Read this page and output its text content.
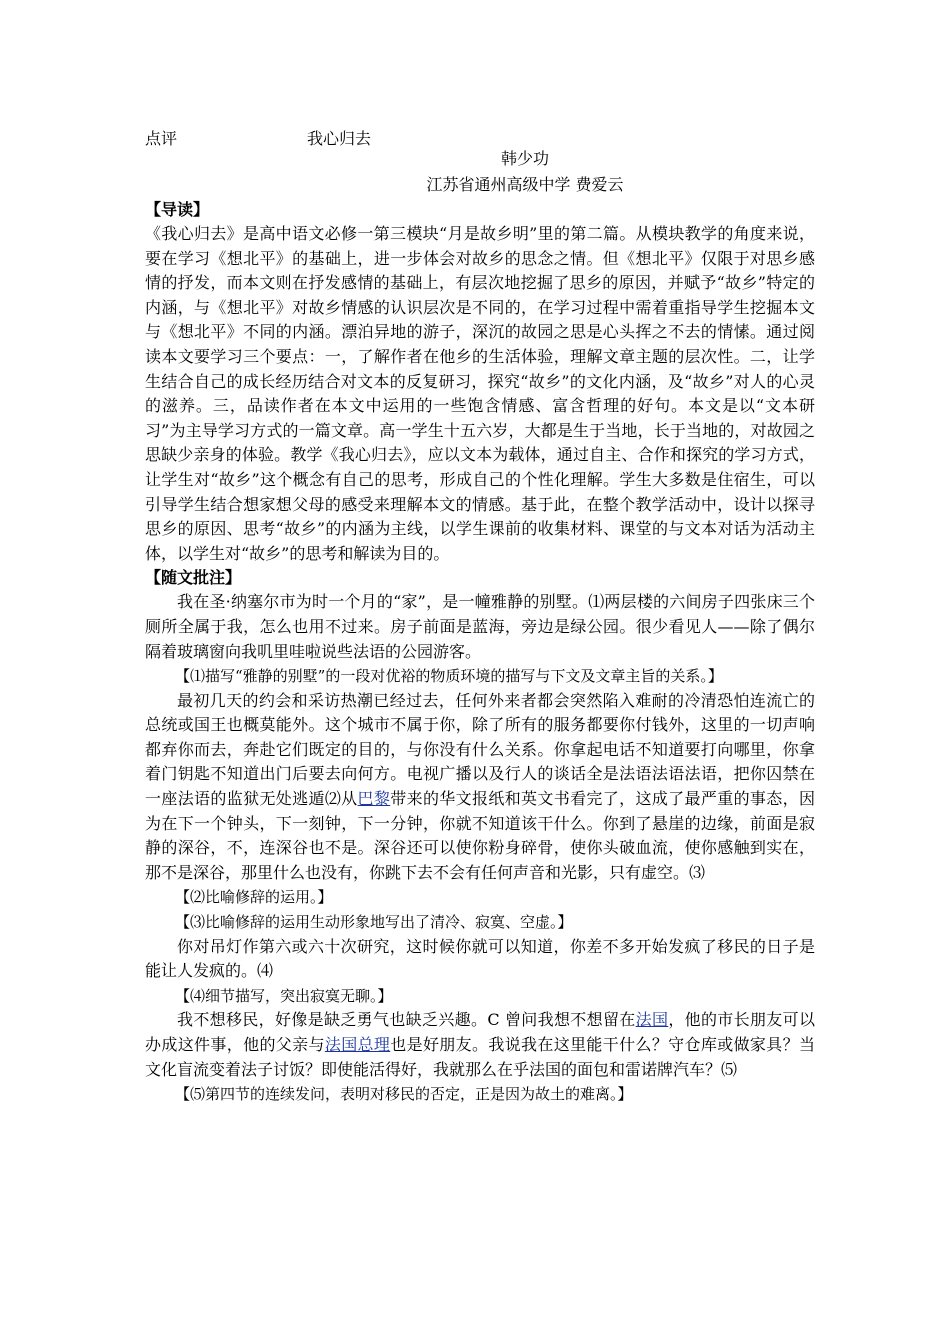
点评	我心归去
韩少功
江苏省通州高级中学 费爱云
【导读】

《我心归去》是高中语文必修一第三模块“月是故乡明”里的第二篇。从模块教学的角度来说，要在学习《想北平》的基础上，进一步体会对故乡的思念之情。但《想北平》仅限于对思乡感情的抒发，而本文则在抒发感情的基础上，有层次地挖掘了思乡的原因，并赋予“故乡”特定的内涵，与《想北平》对故乡情感的认识层次是不同的，在学习过程中需着重指导学生挖掘本文与《想北平》不同的内涵。漂泊异地的游子，深沉的故园之思是心头挥之不去的情愫。通过阅读本文要学习三个要点：一，了解作者在他乡的生活体验，理解文章主题的层次性。二，让学生结合自己的成长经历结合对文本的反复研习，探究“故乡”的文化内涵，及“故乡”对人的心灵的滋养。三，品读作者在本文中运用的一些饱含情感、富含哲理的好句。本文是以“文本研习”为主导学习方式的一篇文章。高一学生十五六岁，大都是生于当地，长于当地的，对故园之思缺少亲身的体验。教学《我心归去》，应以文本为载体，通过自主、合作和探究的学习方式，让学生对“故乡”这个概念有自己的思考，形成自己的个性化理解。学生大多数是住宿生，可以引导学生结合想家想父母的感受来理解本文的情感。基于此，在整个教学活动中，设计以探寻思乡的原因、思考“故乡”的内涵为主线，以学生课前的收集材料、课堂的与文本对话为活动主体，以学生对“故乡”的思考和解读为目的。

【随文批注】

我在圣·纳塞尔市为时一个月的“家”，是一幢雅静的别墅。⑴两层楼的六间房子四张床三个厕所全属于我，怎么也用不过来。房子前面是蓝海，旁边是绿公园。很少看见人——除了偶尔隔着玻璃窗向我叽里哇啦说些法语的公园游客。

【⑴描写“雅静的别墅”的一段对优裕的物质环境的描写与下文及文章主旨的关系。】

最初几天的约会和采访热潮已经过去，任何外来者都会突然陷入难耐的冷清恐怕连流亡的总统或国王也概莫能外。这个城市不属于你，除了所有的服务都要你付钱外，这里的一切声响都弃你而去，奔赴它们既定的目的，与你没有什么关系。你拿起电话不知道要打向哪里，你拿着门钥匙不知道出门后要去向何方。电视广播以及行人的谈话全是法语法语法语，把你囚禁在一座法语的监狱无处逃遁⑵从巴黎带来的华文报纸和英文书看完了，这成了最严重的事态，因为在下一个钟头，下一刻钟，下一分钟，你就不知道该干什么。你到了悬崖的边缘，前面是寂静的深谷，不，连深谷也不是。深谷还可以使你粉身碎骨，使你头破血流，使你感触到实在，那不是深谷，那里什么也没有，你跳下去不会有任何声音和光影，只有虚空。⑶

【⑵比喻修辞的运用。】

【⑶比喻修辞的运用生动形象地写出了清冷、寂寞、空虚。】

你对吊灯作第六或六十次研究，这时候你就可以知道，你差不多开始发疯了移民的日子是能让人发疯的。⑷

【⑷细节描写，突出寂寞无聊。】

我不想移民，好像是缺乏勇气也缺乏兴趣。C 曾问我想不想留在法国，他的市长朋友可以办成这件事，他的父亲与法国总理也是好朋友。我说我在这里能干什么？守仓库或做家具？当文化盲流变着法子讨饭？即使能活得好，我就那么在乎法国的面包和雷诺牌汽车？⑸

【⑸第四节的连续发问，表明对移民的否定，正是因为故土的难离。】
